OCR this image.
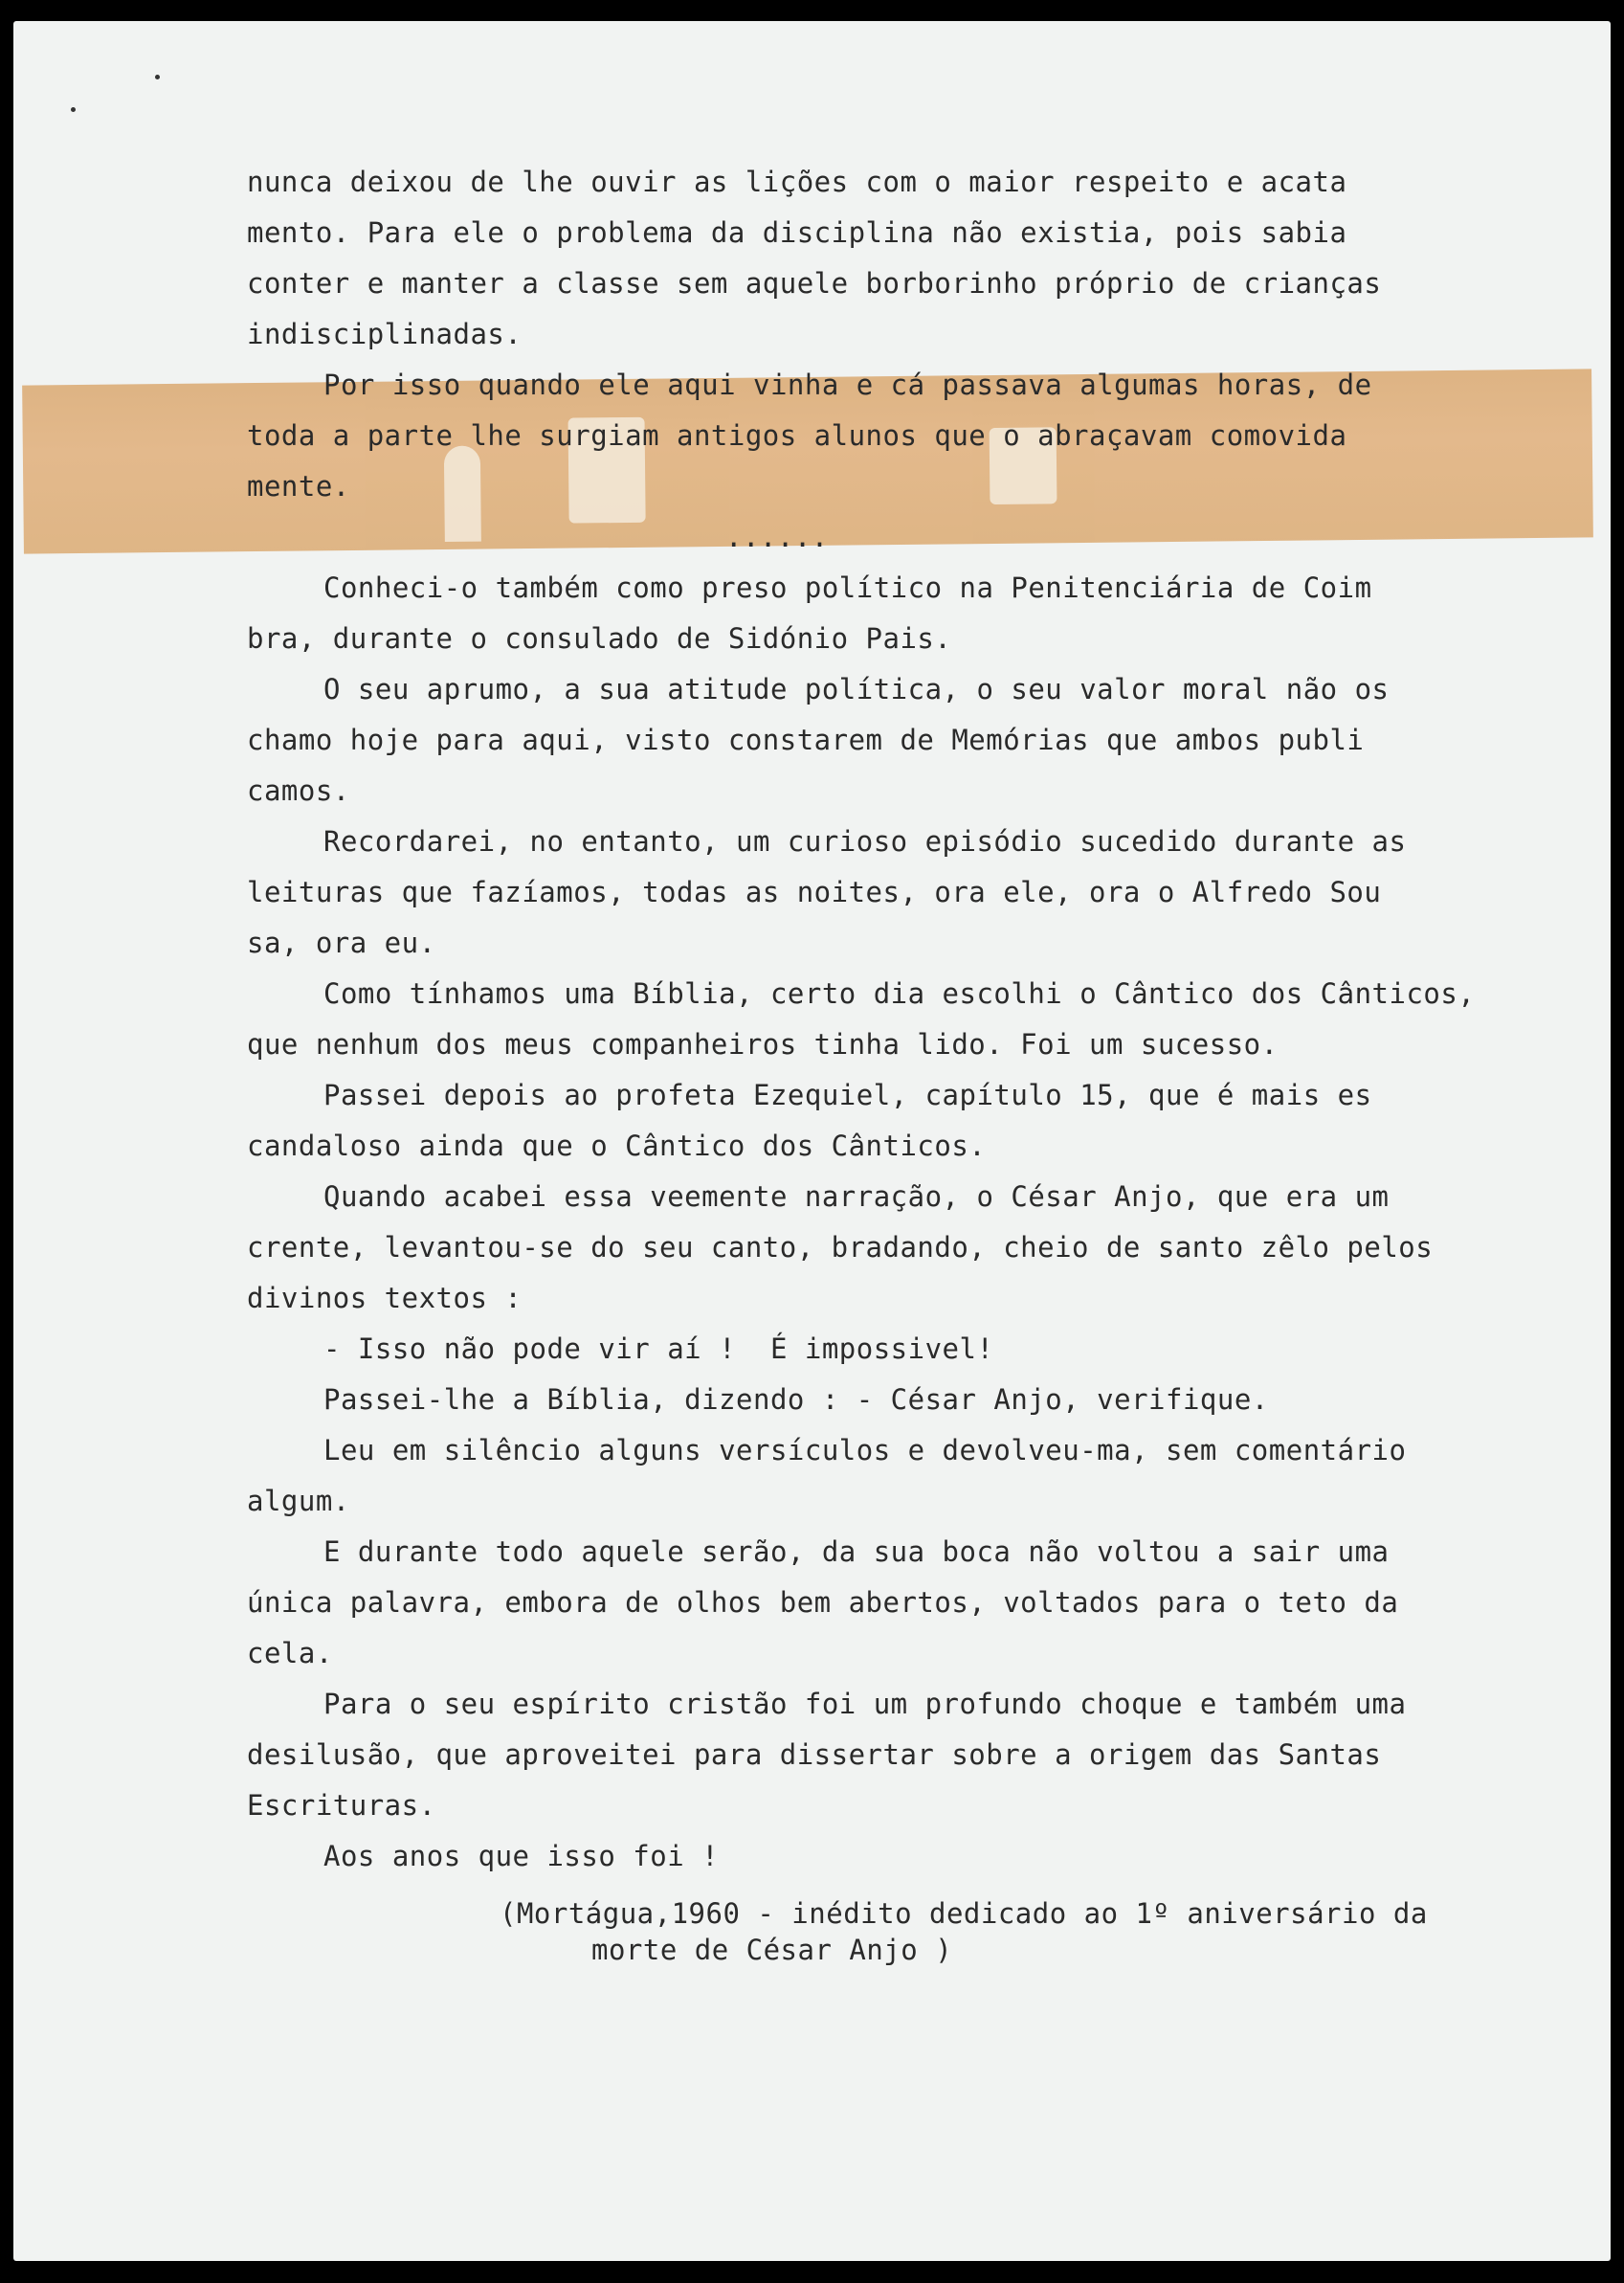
nunca deixou de lhe ouvir as lições com o maior respeito e acata
mento. Para ele o problema da disciplina não existia, pois sabia
conter e manter a classe sem aquele borborinho próprio de crianças
indisciplinadas.
Por isso quando ele aqui vinha e cá passava algumas horas, de
toda a parte lhe surgiam antigos alunos que o abraçavam comovida
mente.
......
Conheci-o também como preso político na Penitenciária de Coim
bra, durante o consulado de Sidónio Pais.
O seu aprumo, a sua atitude política, o seu valor moral não os
chamo hoje para aqui, visto constarem de Memórias que ambos publi
camos.
Recordarei, no entanto, um curioso episódio sucedido durante as
leituras que fazíamos, todas as noites, ora ele, ora o Alfredo Sou
sa, ora eu.
Como tínhamos uma Bíblia, certo dia escolhi o Cântico dos Cânticos,
que nenhum dos meus companheiros tinha lido. Foi um sucesso.
Passei depois ao profeta Ezequiel, capítulo 15, que é mais es
candaloso ainda que o Cântico dos Cânticos.
Quando acabei essa veemente narração, o César Anjo, que era um
crente, levantou-se do seu canto, bradando, cheio de santo zêlo pelos
divinos textos :
- Isso não pode vir aí !  É impossivel!
Passei-lhe a Bíblia, dizendo : - César Anjo, verifique.
Leu em silêncio alguns versículos e devolveu-ma, sem comentário
algum.
E durante todo aquele serão, da sua boca não voltou a sair uma
única palavra, embora de olhos bem abertos, voltados para o teto da
cela.
Para o seu espírito cristão foi um profundo choque e também uma
desilusão, que aproveitei para dissertar sobre a origem das Santas
Escrituras.
Aos anos que isso foi !
(Mortágua,1960 - inédito dedicado ao 1º aniversário da
morte de César Anjo )
